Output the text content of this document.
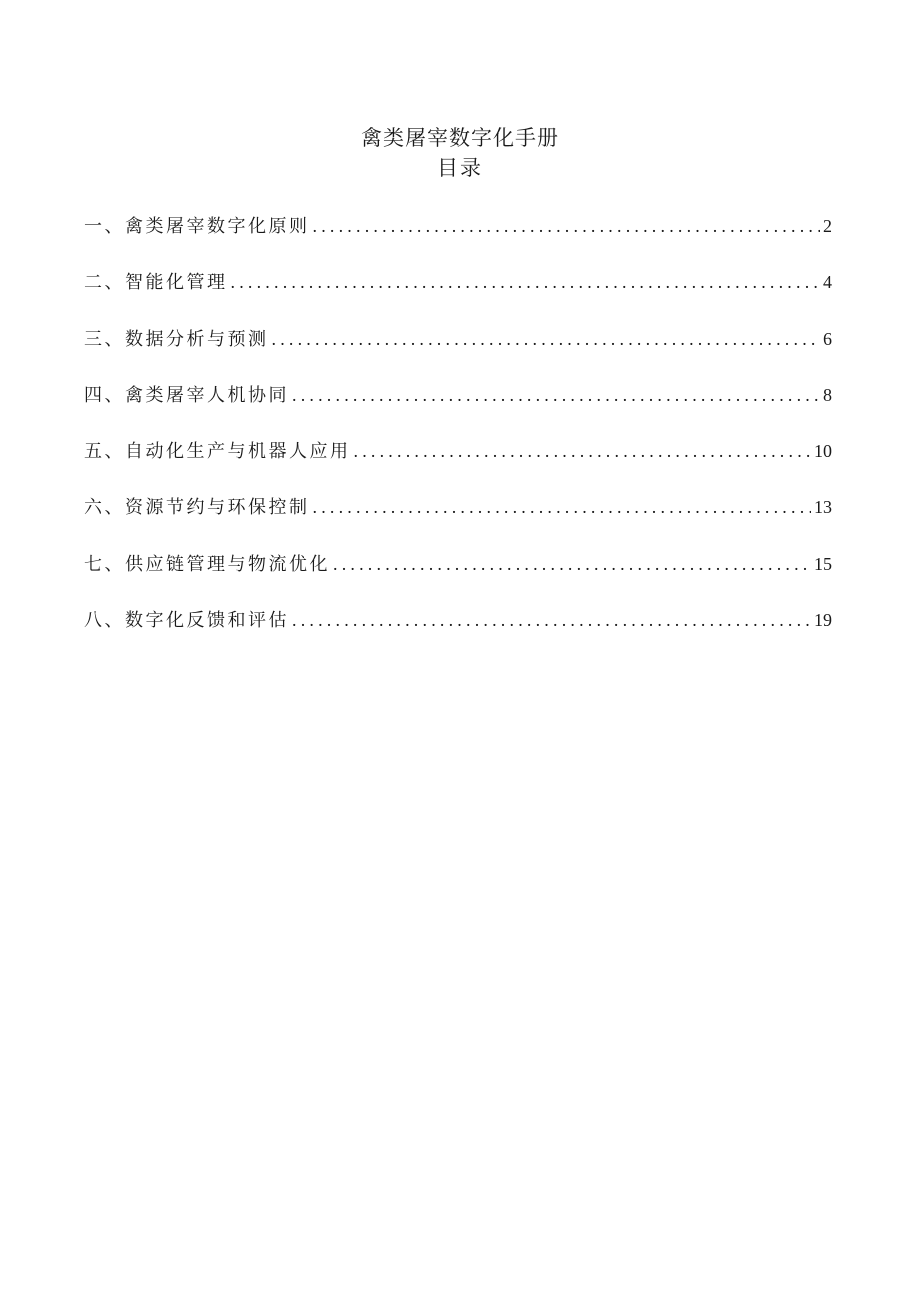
禽类屠宰数字化手册
目录
一、禽类屠宰数字化原则 .....	2
二、智能化管理 .....	4
三、数据分析与预测 .....	6
四、禽类屠宰人机协同 .....	8
五、自动化生产与机器人应用 .....	10
六、资源节约与环保控制 .....	13
七、供应链管理与物流优化 .....	15
八、数字化反馈和评估 .....	19
